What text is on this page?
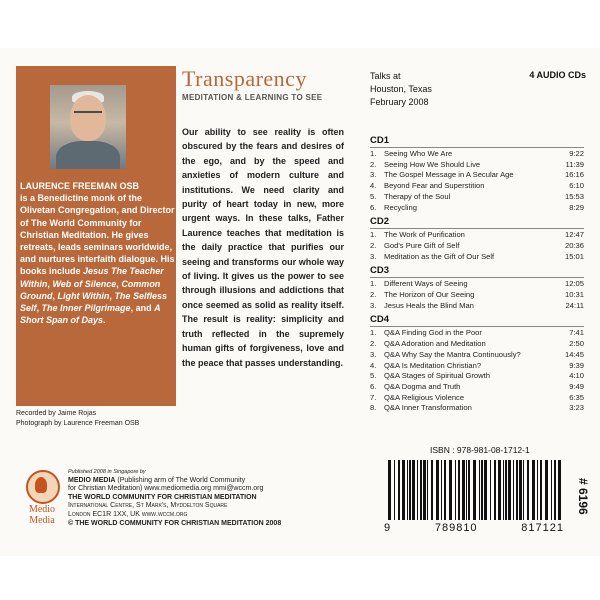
LAURENCE FREEMAN OSB
is a Benedictine monk of the Olivetan Congregation, and Director of The World Community for Christian Meditation. He gives retreats, leads seminars worldwide, and nurtures interfaith dialogue. His books include Jesus The Teacher Within, Web of Silence, Common Ground, Light Within, The Selfless Self, The Inner Pilgrimage, and A Short Span of Days.
Recorded by Jaime Rojas
Photograph by Laurence Freeman OSB
Medio
Media
Published 2008 in Singapore by
MEDIO MEDIA (Publishing arm of The World Community
for Christian Meditation) www.mediomedia.org mmi@wccm.org
THE WORLD COMMUNITY FOR CHRISTIAN MEDITATION
International Centre, St Mark's, Myddelton Square
London EC1R 1XX, UK www.wccm.org
© THE WORLD COMMUNITY FOR CHRISTIAN MEDITATION 2008
Transparency
MEDITATION & LEARNING TO SEE
Our ability to see reality is often obscured by the fears and desires of the ego, and by the speed and anxieties of modern culture and institutions. We need clarity and purity of heart today in new, more urgent ways. In these talks, Father Laurence teaches that meditation is the daily practice that purifies our seeing and transforms our whole way of living. It gives us the power to see through illusions and addictions that once seemed as solid as reality itself. The result is reality: simplicity and truth reflected in the supremely human gifts of forgiveness, love and the peace that passes understanding.
Talks at
Houston, Texas
February 2008
4 AUDIO CDs
CD1
1.	Seeing Who We Are	9:22
2.	Seeing How We Should Live	11:39
3.	The Gospel Message in A Secular Age	16:16
4.	Beyond Fear and Superstition	6:10
5.	Therapy of the Soul	15:53
6.	Recycling	8:29
CD2
1.	The Work of Purification	12:47
2.	God's Pure Gift of Self	20:36
3.	Meditation as the Gift of Our Self	15:01
CD3
1.	Different Ways of Seeing	12:05
2.	The Horizon of Our Seeing	10:31
3.	Jesus Heals the Blind Man	24:11
CD4
1.	Q&A Finding God in the Poor	7:41
2.	Q&A Adoration and Meditation	2:50
3.	Q&A Why Say the Mantra Continuously?	14:45
4.	Q&A Is Meditation Christian?	9:39
5.	Q&A Stages of Spiritual Growth	4:10
6.	Q&A Dogma and Truth	9:49
7.	Q&A Religious Violence	6:35
8.	Q&A Inner Transformation	3:23
ISBN : 978-981-08-1712-1
9	789810	817121
